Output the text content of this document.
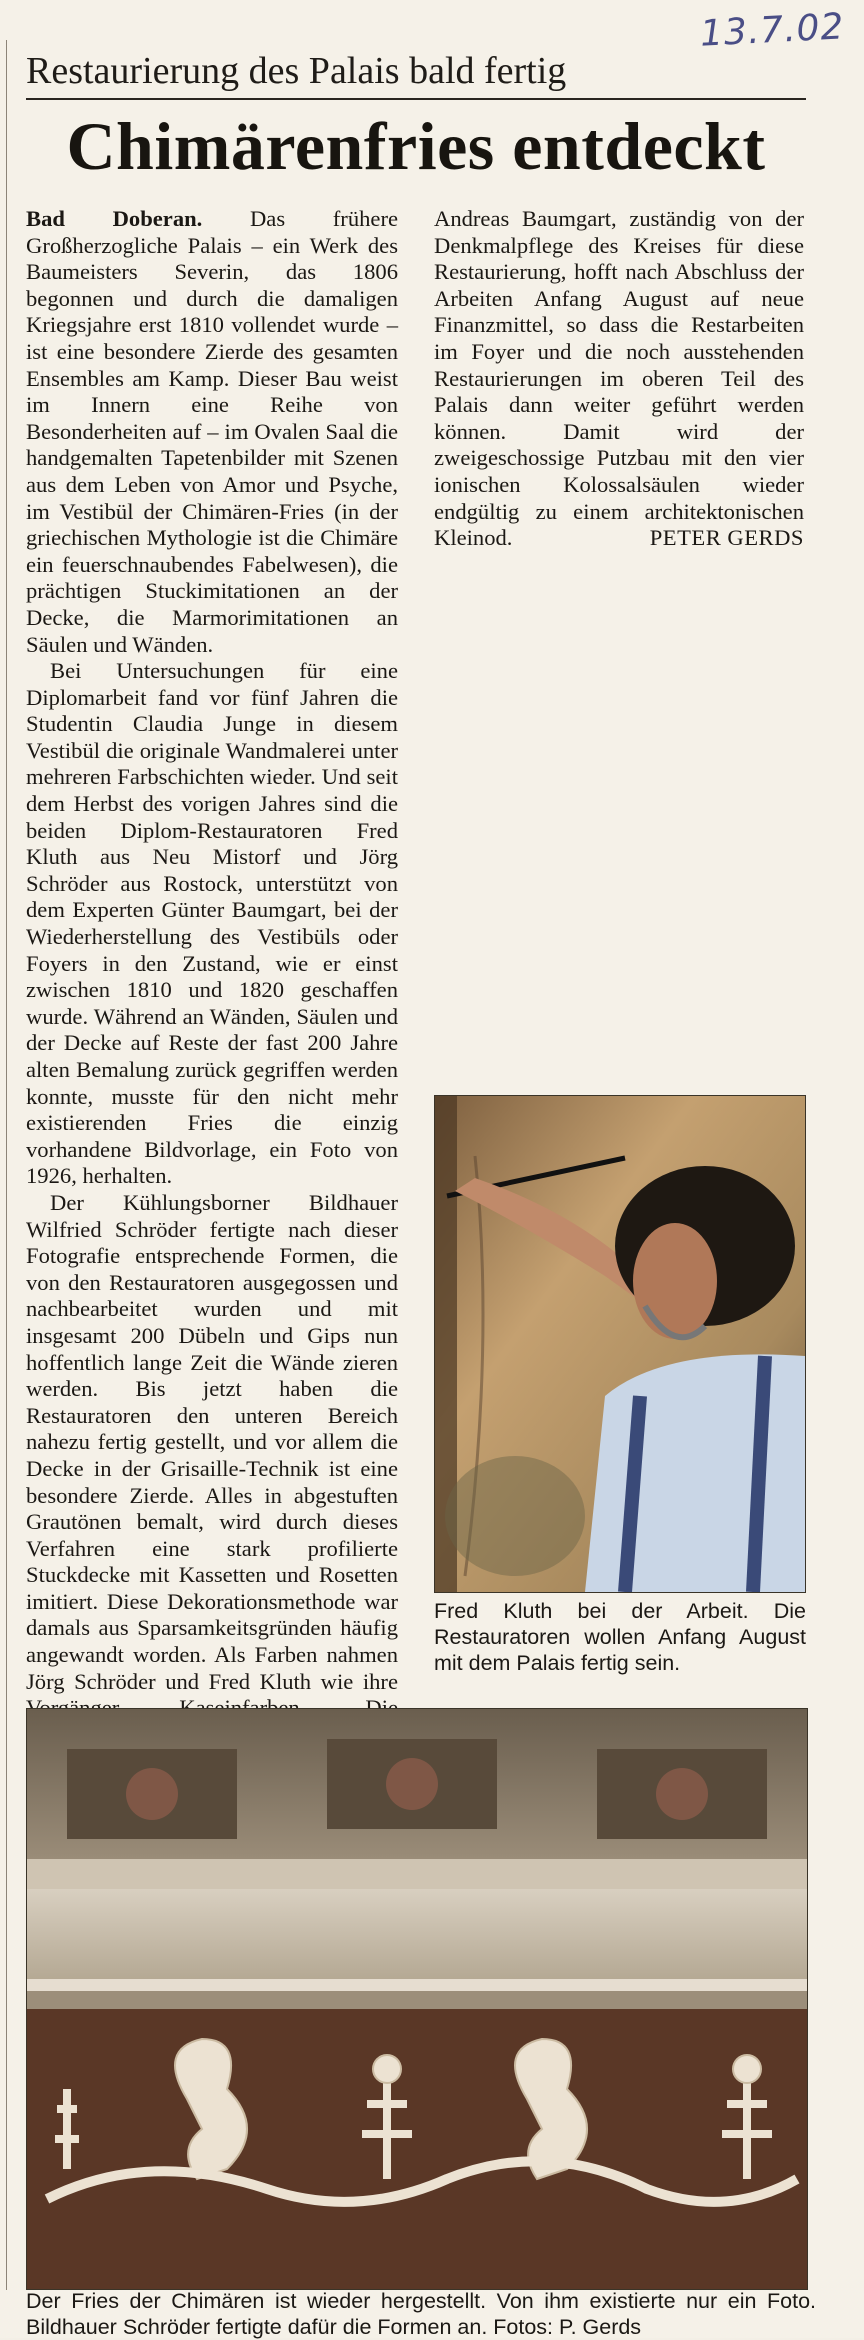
13.7.02
Restaurierung des Palais bald fertig
Chimärenfries entdeckt

Bad Doberan. Das frühere Großherzogliche Palais – ein Werk des Baumeisters Severin, das 1806 begonnen und durch die damaligen Kriegsjahre erst 1810 vollendet wurde – ist eine besondere Zierde des gesamten Ensembles am Kamp. Dieser Bau weist im Innern eine Reihe von Besonderheiten auf – im Ovalen Saal die handgemalten Tapetenbilder mit Szenen aus dem Leben von Amor und Psyche, im Vestibül der Chimären-Fries (in der griechischen Mythologie ist die Chimäre ein feuerschnaubendes Fabelwesen), die prächtigen Stuckimitationen an der Decke, die Marmorimitationen an Säulen und Wänden.

Bei Untersuchungen für eine Diplomarbeit fand vor fünf Jahren die Studentin Claudia Junge in diesem Vestibül die originale Wandmalerei unter mehreren Farbschichten wieder. Und seit dem Herbst des vorigen Jahres sind die beiden Diplom-Restauratoren Fred Kluth aus Neu Mistorf und Jörg Schröder aus Rostock, unterstützt von dem Experten Günter Baumgart, bei der Wiederherstellung des Vestibüls oder Foyers in den Zustand, wie er einst zwischen 1810 und 1820 geschaffen wurde. Während an Wänden, Säulen und der Decke auf Reste der fast 200 Jahre alten Bemalung zurück gegriffen werden konnte, musste für den nicht mehr existierenden Fries die einzig vorhandene Bildvorlage, ein Foto von 1926, herhalten.

Der Kühlungsborner Bildhauer Wilfried Schröder fertigte nach dieser Fotografie entsprechende Formen, die von den Restauratoren ausgegossen und nachbearbeitet wurden und mit insgesamt 200 Dübeln und Gips nun hoffentlich lange Zeit die Wände zieren werden. Bis jetzt haben die Restauratoren den unteren Bereich nahezu fertig gestellt, und vor allem die Decke in der Grisaille-Technik ist eine besondere Zierde. Alles in abgestuften Grautönen bemalt, wird durch dieses Verfahren eine stark profilierte Stuckdecke mit Kassetten und Rosetten imitiert. Diese Dekorationsmethode war damals aus Sparsamkeitsgründen häufig angewandt worden. Als Farben nahmen Jörg Schröder und Fred Kluth wie ihre

Andreas Baumgart, zuständig von der Denkmalpflege des Kreises für diese Restaurierung, hofft nach Abschluss der Arbeiten Anfang August auf neue Finanzmittel, so dass die Restarbeiten im Foyer und die noch ausstehenden Restaurierungen im oberen Teil des Palais dann weiter geführt werden können. Damit wird der zweigeschossige Putzbau mit den vier ionischen Kolossalsäulen wieder endgültig zu einem architektonischen Kleinod.	PETER GERDS
Fred Kluth bei der Arbeit. Die Restauratoren wollen Anfang August mit dem Palais fertig sein.
Der Fries der Chimären ist wieder hergestellt. Von ihm existierte nur ein Foto. Bildhauer Schröder fertigte dafür die Formen an. Fotos: P. Gerds
